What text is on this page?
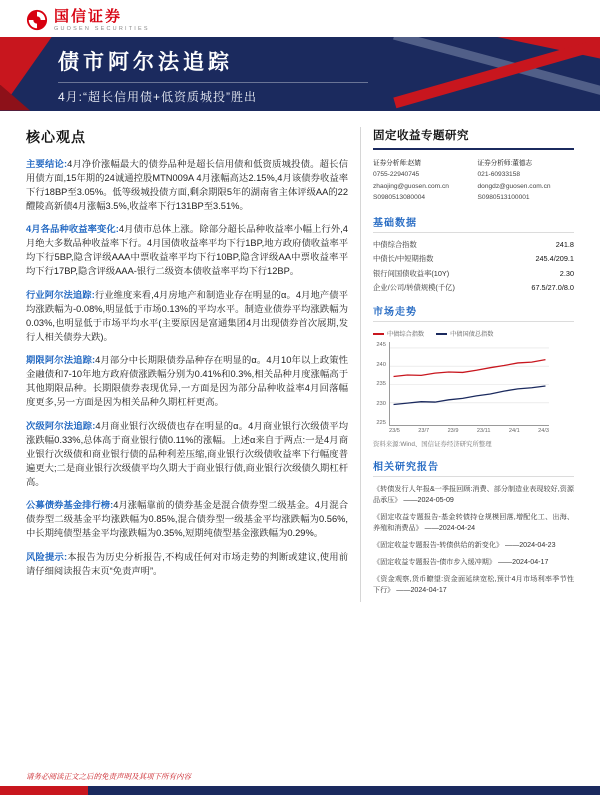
国信证券
GUOSEN SECURITIES
债市阿尔法追踪
4月:“超长信用债+低资质城投”胜出
核心观点

主要结论:4月净价涨幅最大的债券品种是超长信用债和低资质城投债。超长信用债方面,15年期的24诚通控股MTN009A 4月涨幅高达2.15%,4月该债券收益率下行18BP至3.05%。低等级城投债方面,剩余期限5年的湖南省主体评级AA的22醴陵高新债4月涨幅3.5%,收益率下行131BP至3.51%。

4月各品种收益率变化:4月债市总体上涨。除部分超长品种收益率小幅上行外,4月绝大多数品种收益率下行。4月国债收益率平均下行1BP,地方政府债收益率平均下行5BP,隐含评级AAA中票收益率平均下行10BP,隐含评级AA中票收益率平均下行17BP,隐含评级AAA-银行二级资本债收益率平均下行12BP。

行业阿尔法追踪:行业维度来看,4月房地产和制造业存在明显的α。4月地产债平均涨跌幅为-0.08%,明显低于市场0.13%的平均水平。制造业债券平均涨跌幅为0.03%,也明显低于市场平均水平(主要原因是富通集团4月出现债券首次展期,发行人相关债券大跌)。

期限阿尔法追踪:4月部分中长期限债券品种存在明显的α。4月10年以上政策性金融债和7-10年地方政府债涨跌幅分别为0.41%和0.3%,相关品种月度涨幅高于其他期限品种。长期限债券表现优异,一方面是因为部分品种收益率4月回落幅度更多,另一方面是因为相关品种久期杠杆更高。

次级阿尔法追踪:4月商业银行次级债也存在明显的α。4月商业银行次级债平均涨跌幅0.33%,总体高于商业银行债0.11%的涨幅。上述α来自于两点:一是4月商业银行次级债和商业银行债的品种利差压缩,商业银行次级债收益率下行幅度普遍更大;二是商业银行次级债平均久期大于商业银行债,商业银行次级债久期杠杆高。

公募债券基金排行榜:4月涨幅靠前的债券基金是混合债券型二级基金。4月混合债券型二级基金平均涨跌幅为0.85%,混合债券型一级基金平均涨跌幅为0.56%,中长期纯债型基金平均涨跌幅为0.35%,短期纯债型基金涨跌幅为0.29%。

风险提示:本报告为历史分析报告,不构成任何对市场走势的判断或建议,使用前请仔细阅读报告末页“免责声明”。

固定收益专题研究
证券分析师:赵婧
0755-22940745
zhaojing@guosen.com.cn
S0980513080004
证券分析师:董德志
021-60933158
dongdz@guosen.com.cn
S0980513100001
基础数据
中债综合指数	241.8
中债长/中短期指数	245.4/209.1
银行间国债收益率(10Y)	2.30
企业/公司/转债规模(千亿)	67.5/27.0/8.0
市场走势
中债综合指数	中债国债总指数
245
240
235
230
225
23/5	23/7	23/9	23/11	24/1	24/3
资料来源:Wind、国信证券经济研究所整理
相关研究报告

《转债发行人年报&一季报回顾:消费、部分制造业表现较好,资源品承压》 ——2024-05-09

《固定收益专题报告-基金转债持仓规模回落,增配化工、出海、养殖和消费品》 ——2024-04-24

《固定收益专题报告-转债供给的新变化》 ——2024-04-23

《固定收益专题报告-债市步入缓冲期》 ——2024-04-17

《资金观察,货币瞭望:资金面延续宽松,预计4月市场利率季节性下行》 ——2024-04-17

请务必阅读正文之后的免责声明及其项下所有内容
